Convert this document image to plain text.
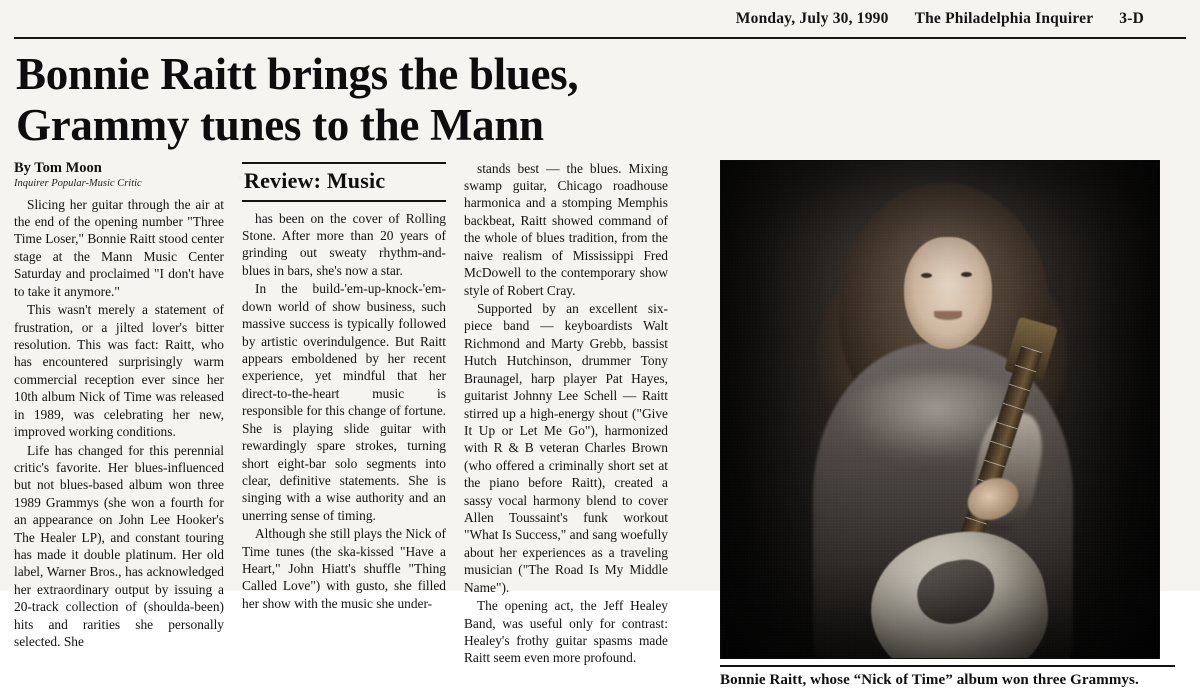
Monday, July 30, 1990 The Philadelphia Inquirer 3-D
Bonnie Raitt brings the blues,
Grammy tunes to the Mann
By Tom Moon
Inquirer Popular-Music Critic

Slicing her guitar through the air at the end of the opening number "Three Time Loser," Bonnie Raitt stood center stage at the Mann Music Center Saturday and proclaimed "I don't have to take it anymore."

This wasn't merely a statement of frustration, or a jilted lover's bitter resolution. This was fact: Raitt, who has encountered surprisingly warm commercial reception ever since her 10th album Nick of Time was released in 1989, was celebrating her new, improved working conditions.

Life has changed for this perennial critic's favorite. Her blues-influenced but not blues-based album won three 1989 Grammys (she won a fourth for an appearance on John Lee Hooker's The Healer LP), and constant touring has made it double platinum. Her old label, Warner Bros., has acknowledged her extraordinary output by issuing a 20-track collection of (shoulda-been) hits and rarities she personally selected. She

Review: Music

has been on the cover of Rolling Stone. After more than 20 years of grinding out sweaty rhythm-and-blues in bars, she's now a star.

In the build-'em-up-knock-'em-down world of show business, such massive success is typically followed by artistic overindulgence. But Raitt appears emboldened by her recent experience, yet mindful that her direct-to-the-heart music is responsible for this change of fortune. She is playing slide guitar with rewardingly spare strokes, turning short eight-bar solo segments into clear, definitive statements. She is singing with a wise authority and an unerring sense of timing.

Although she still plays the Nick of Time tunes (the ska-kissed "Have a Heart," John Hiatt's shuffle "Thing Called Love") with gusto, she filled her show with the music she under-

stands best — the blues. Mixing swamp guitar, Chicago roadhouse harmonica and a stomping Memphis backbeat, Raitt showed command of the whole of blues tradition, from the naive realism of Mississippi Fred McDowell to the contemporary show style of Robert Cray.

Supported by an excellent six-piece band — keyboardists Walt Richmond and Marty Grebb, bassist Hutch Hutchinson, drummer Tony Braunagel, harp player Pat Hayes, guitarist Johnny Lee Schell — Raitt stirred up a high-energy shout ("Give It Up or Let Me Go"), harmonized with R & B veteran Charles Brown (who offered a criminally short set at the piano before Raitt), created a sassy vocal harmony blend to cover Allen Toussaint's funk workout "What Is Success," and sang woefully about her experiences as a traveling musician ("The Road Is My Middle Name").

The opening act, the Jeff Healey Band, was useful only for contrast: Healey's frothy guitar spasms made Raitt seem even more profound.

Bonnie Raitt, whose “Nick of Time” album won three Grammys.
